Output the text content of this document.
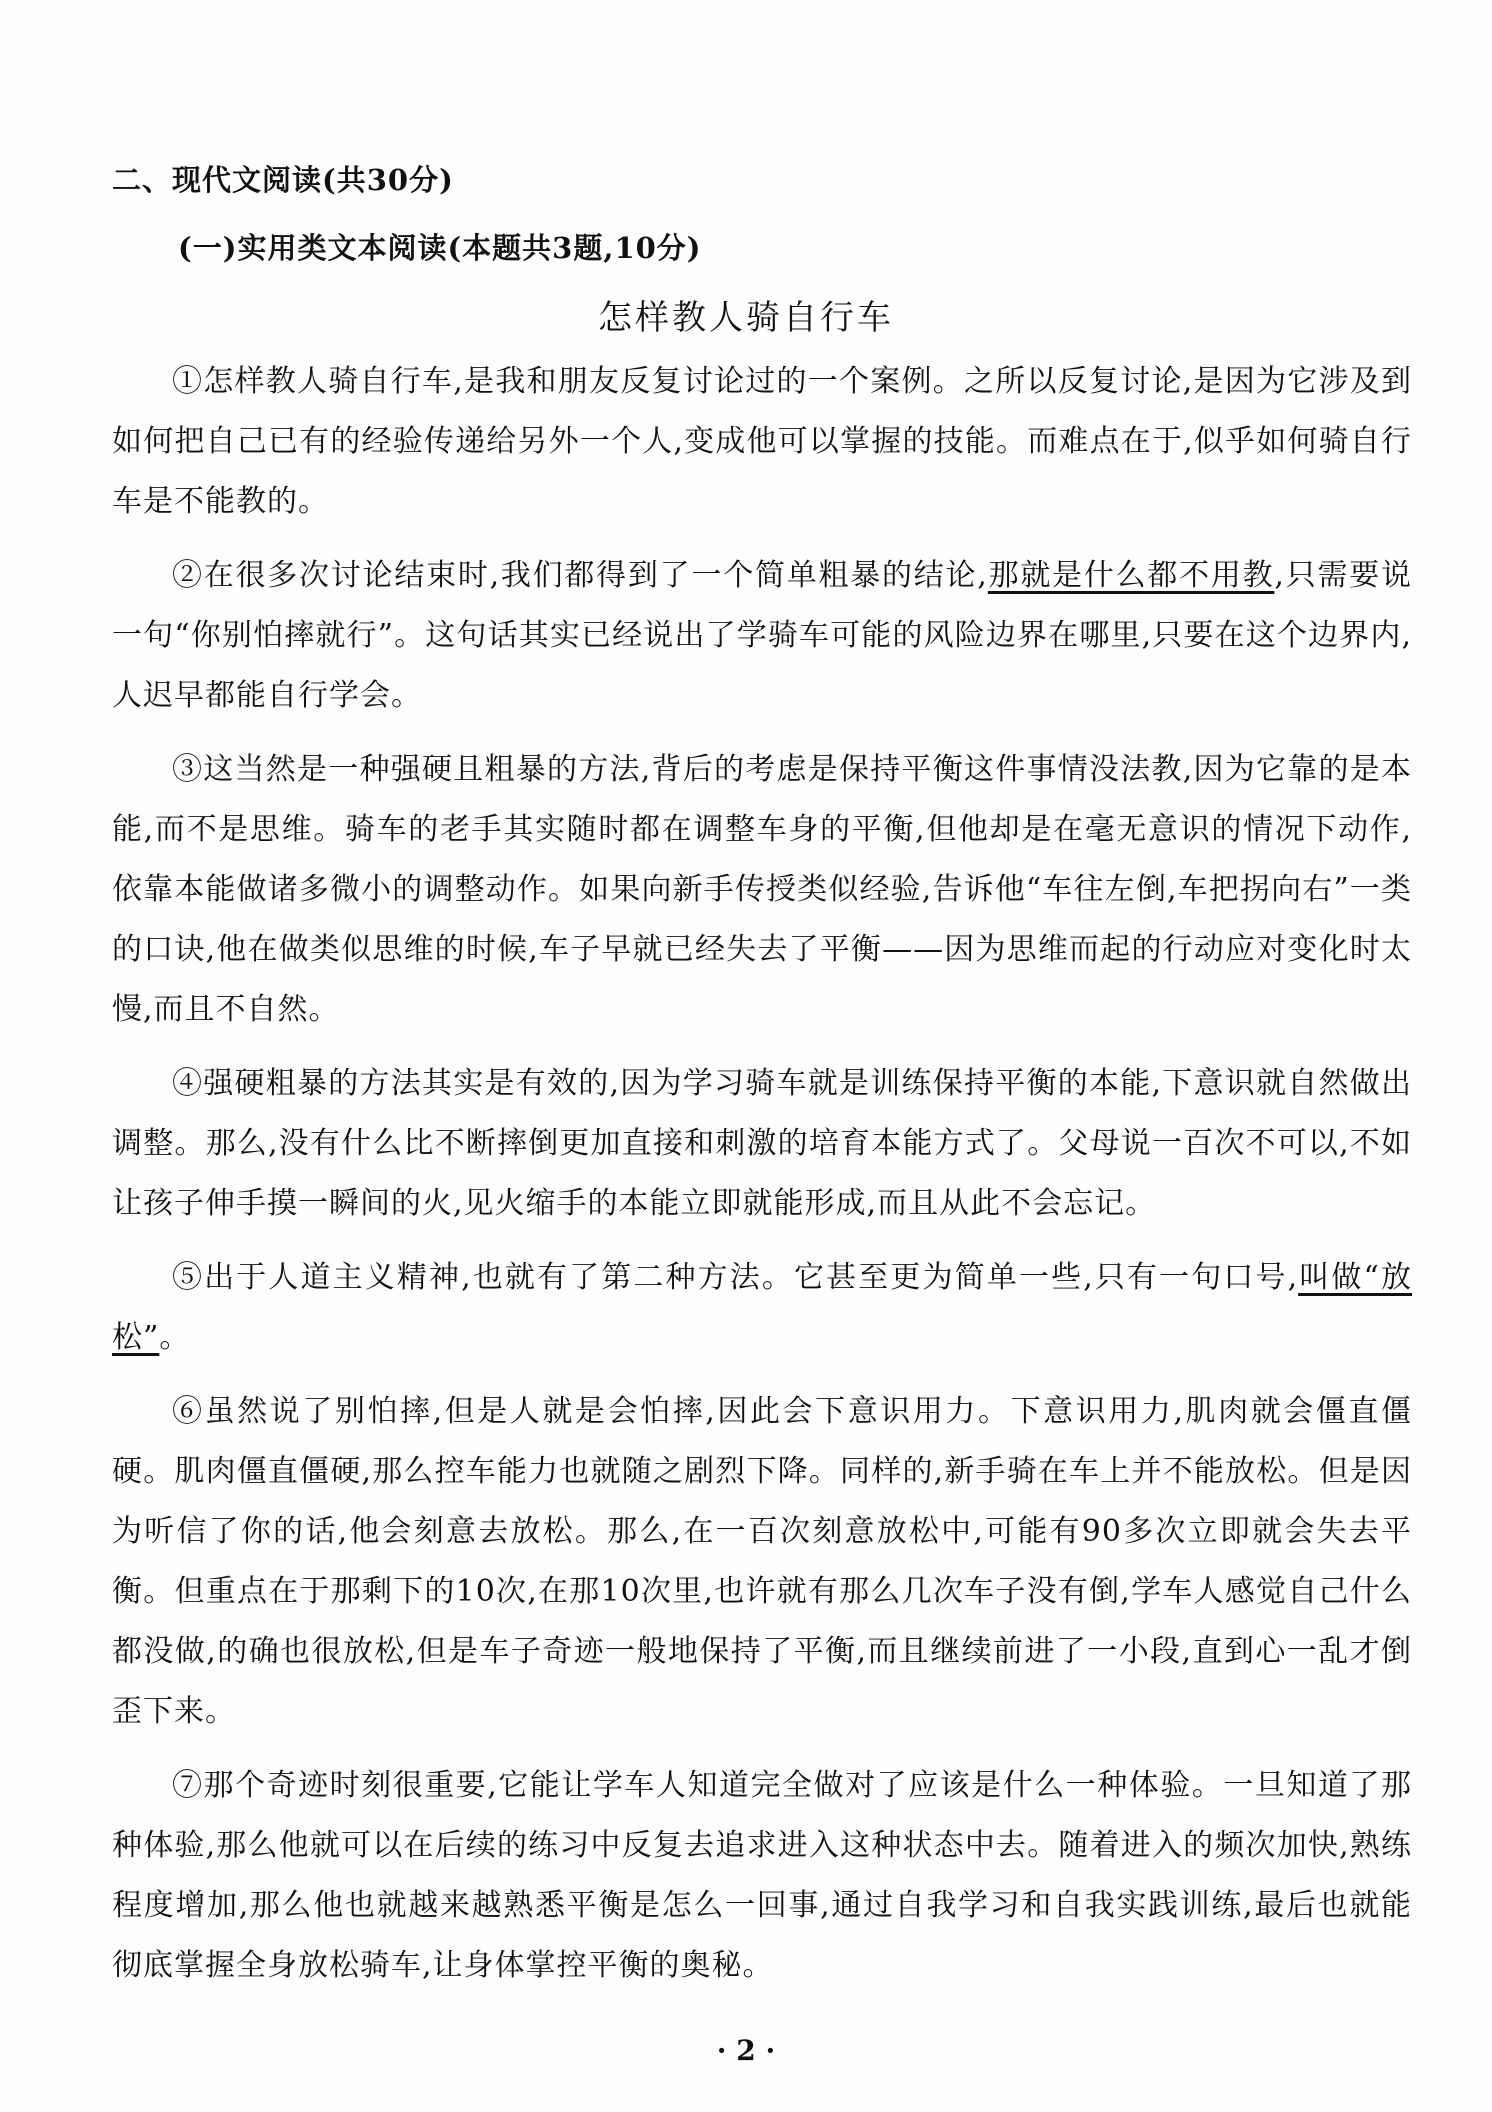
二、现代文阅读(共30分)
(一)实用类文本阅读(本题共3题,10分)
怎样教人骑自行车

①怎样教人骑自行车,是我和朋友反复讨论过的一个案例。之所以反复讨论,是因为它涉及到如何把自己已有的经验传递给另外一个人,变成他可以掌握的技能。而难点在于,似乎如何骑自行车是不能教的。

②在很多次讨论结束时,我们都得到了一个简单粗暴的结论,那就是什么都不用教,只需要说一句“你别怕摔就行”。这句话其实已经说出了学骑车可能的风险边界在哪里,只要在这个边界内,人迟早都能自行学会。

③这当然是一种强硬且粗暴的方法,背后的考虑是保持平衡这件事情没法教,因为它靠的是本能,而不是思维。骑车的老手其实随时都在调整车身的平衡,但他却是在毫无意识的情况下动作,依靠本能做诸多微小的调整动作。如果向新手传授类似经验,告诉他“车往左倒,车把拐向右”一类的口诀,他在做类似思维的时候,车子早就已经失去了平衡——因为思维而起的行动应对变化时太慢,而且不自然。

④强硬粗暴的方法其实是有效的,因为学习骑车就是训练保持平衡的本能,下意识就自然做出调整。那么,没有什么比不断摔倒更加直接和刺激的培育本能方式了。父母说一百次不可以,不如让孩子伸手摸一瞬间的火,见火缩手的本能立即就能形成,而且从此不会忘记。

⑤出于人道主义精神,也就有了第二种方法。它甚至更为简单一些,只有一句口号,叫做“放松”。

⑥虽然说了别怕摔,但是人就是会怕摔,因此会下意识用力。下意识用力,肌肉就会僵直僵硬。肌肉僵直僵硬,那么控车能力也就随之剧烈下降。同样的,新手骑在车上并不能放松。但是因为听信了你的话,他会刻意去放松。那么,在一百次刻意放松中,可能有90多次立即就会失去平衡。但重点在于那剩下的10次,在那10次里,也许就有那么几次车子没有倒,学车人感觉自己什么都没做,的确也很放松,但是车子奇迹一般地保持了平衡,而且继续前进了一小段,直到心一乱才倒歪下来。

⑦那个奇迹时刻很重要,它能让学车人知道完全做对了应该是什么一种体验。一旦知道了那种体验,那么他就可以在后续的练习中反复去追求进入这种状态中去。随着进入的频次加快,熟练程度增加,那么他也就越来越熟悉平衡是怎么一回事,通过自我学习和自我实践训练,最后也就能彻底掌握全身放松骑车,让身体掌控平衡的奥秘。

· 2 ·
